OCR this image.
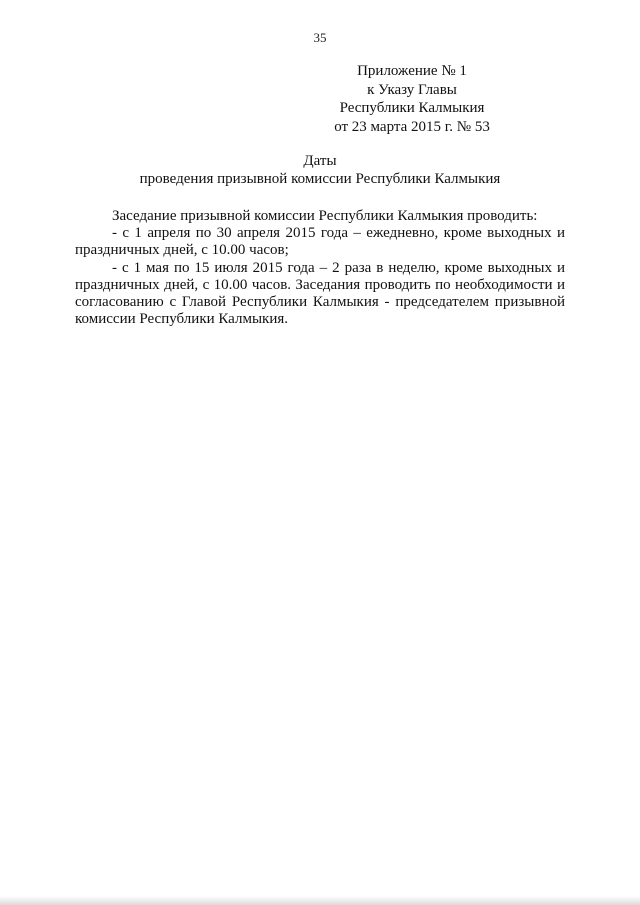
35
Приложение № 1
к Указу Главы
Республики Калмыкия
от 23 марта 2015 г. № 53
Даты
проведения призывной комиссии Республики Калмыкия

Заседание призывной комиссии Республики Калмыкия проводить:

- с 1 апреля по 30 апреля 2015 года – ежедневно, кроме выходных и праздничных дней, с 10.00 часов;

- с 1 мая по 15 июля 2015 года – 2 раза в неделю, кроме выходных и праздничных дней, с 10.00 часов. Заседания проводить по необходимости и согласованию с Главой Республики Калмыкия - председателем призывной комиссии Республики Калмыкия.
